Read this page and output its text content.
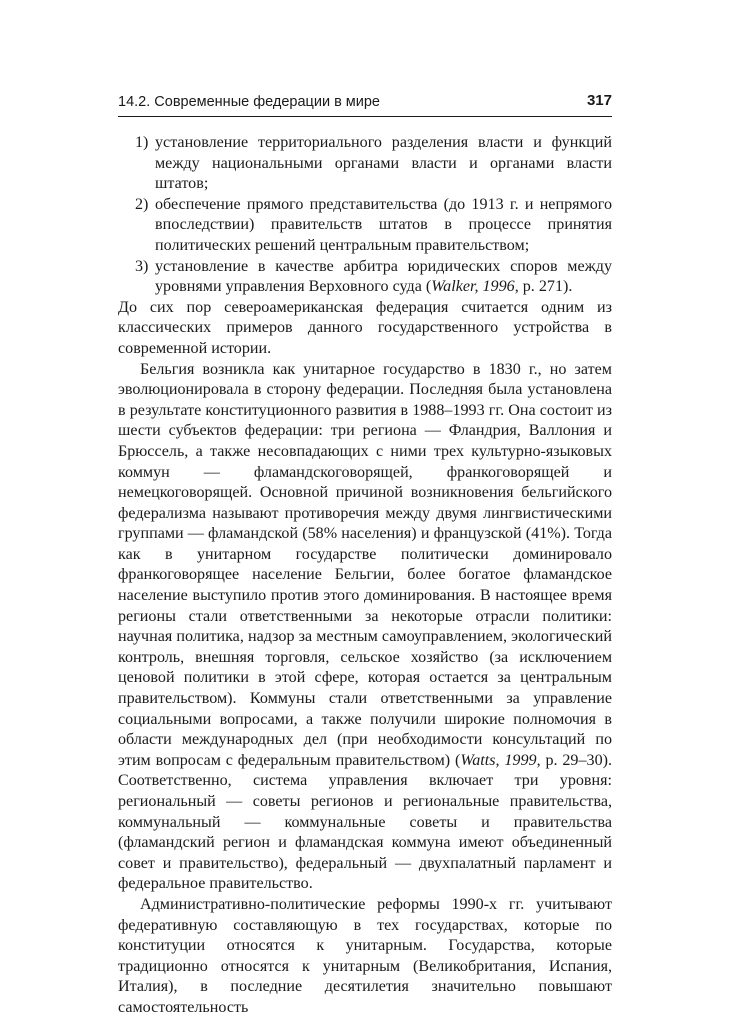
14.2. Современные федерации в мире	317
1) установление территориального разделения власти и функций между национальными органами власти и органами власти штатов;
2) обеспечение прямого представительства (до 1913 г. и непрямого впоследствии) правительств штатов в процессе принятия политических решений центральным правительством;
3) установление в качестве арбитра юридических споров между уровнями управления Верховного суда (Walker, 1996, р. 271).

До сих пор североамериканская федерация считается одним из классических примеров данного государственного устройства в современной истории.

Бельгия возникла как унитарное государство в 1830 г., но затем эволюционировала в сторону федерации. Последняя была установлена в результате конституционного развития в 1988–1993 гг. Она состоит из шести субъектов федерации: три региона — Фландрия, Валлония и Брюссель, а также несовпадающих с ними трех культурно-языковых коммун — фламандскоговорящей, франкоговорящей и немецкоговорящей. Основной причиной возникновения бельгийского федерализма называют противоречия между двумя лингвистическими группами — фламандской (58% населения) и французской (41%). Тогда как в унитарном государстве политически доминировало франкоговорящее население Бельгии, более богатое фламандское население выступило против этого доминирования. В настоящее время регионы стали ответственными за некоторые отрасли политики: научная политика, надзор за местным самоуправлением, экологический контроль, внешняя торговля, сельское хозяйство (за исключением ценовой политики в этой сфере, которая остается за центральным правительством). Коммуны стали ответственными за управление социальными вопросами, а также получили широкие полномочия в области международных дел (при необходимости консультаций по этим вопросам с федеральным правительством) (Watts, 1999, р. 29–30). Соответственно, система управления включает три уровня: региональный — советы регионов и региональные правительства, коммунальный — коммунальные советы и правительства (фламандский регион и фламандская коммуна имеют объединенный совет и правительство), федеральный — двухпалатный парламент и федеральное правительство.

Административно-политические реформы 1990-х гг. учитывают федеративную составляющую в тех государствах, которые по конституции относятся к унитарным. Государства, которые традиционно относятся к унитарным (Великобритания, Испания, Италия), в последние десятилетия значительно повышают самостоятельность
